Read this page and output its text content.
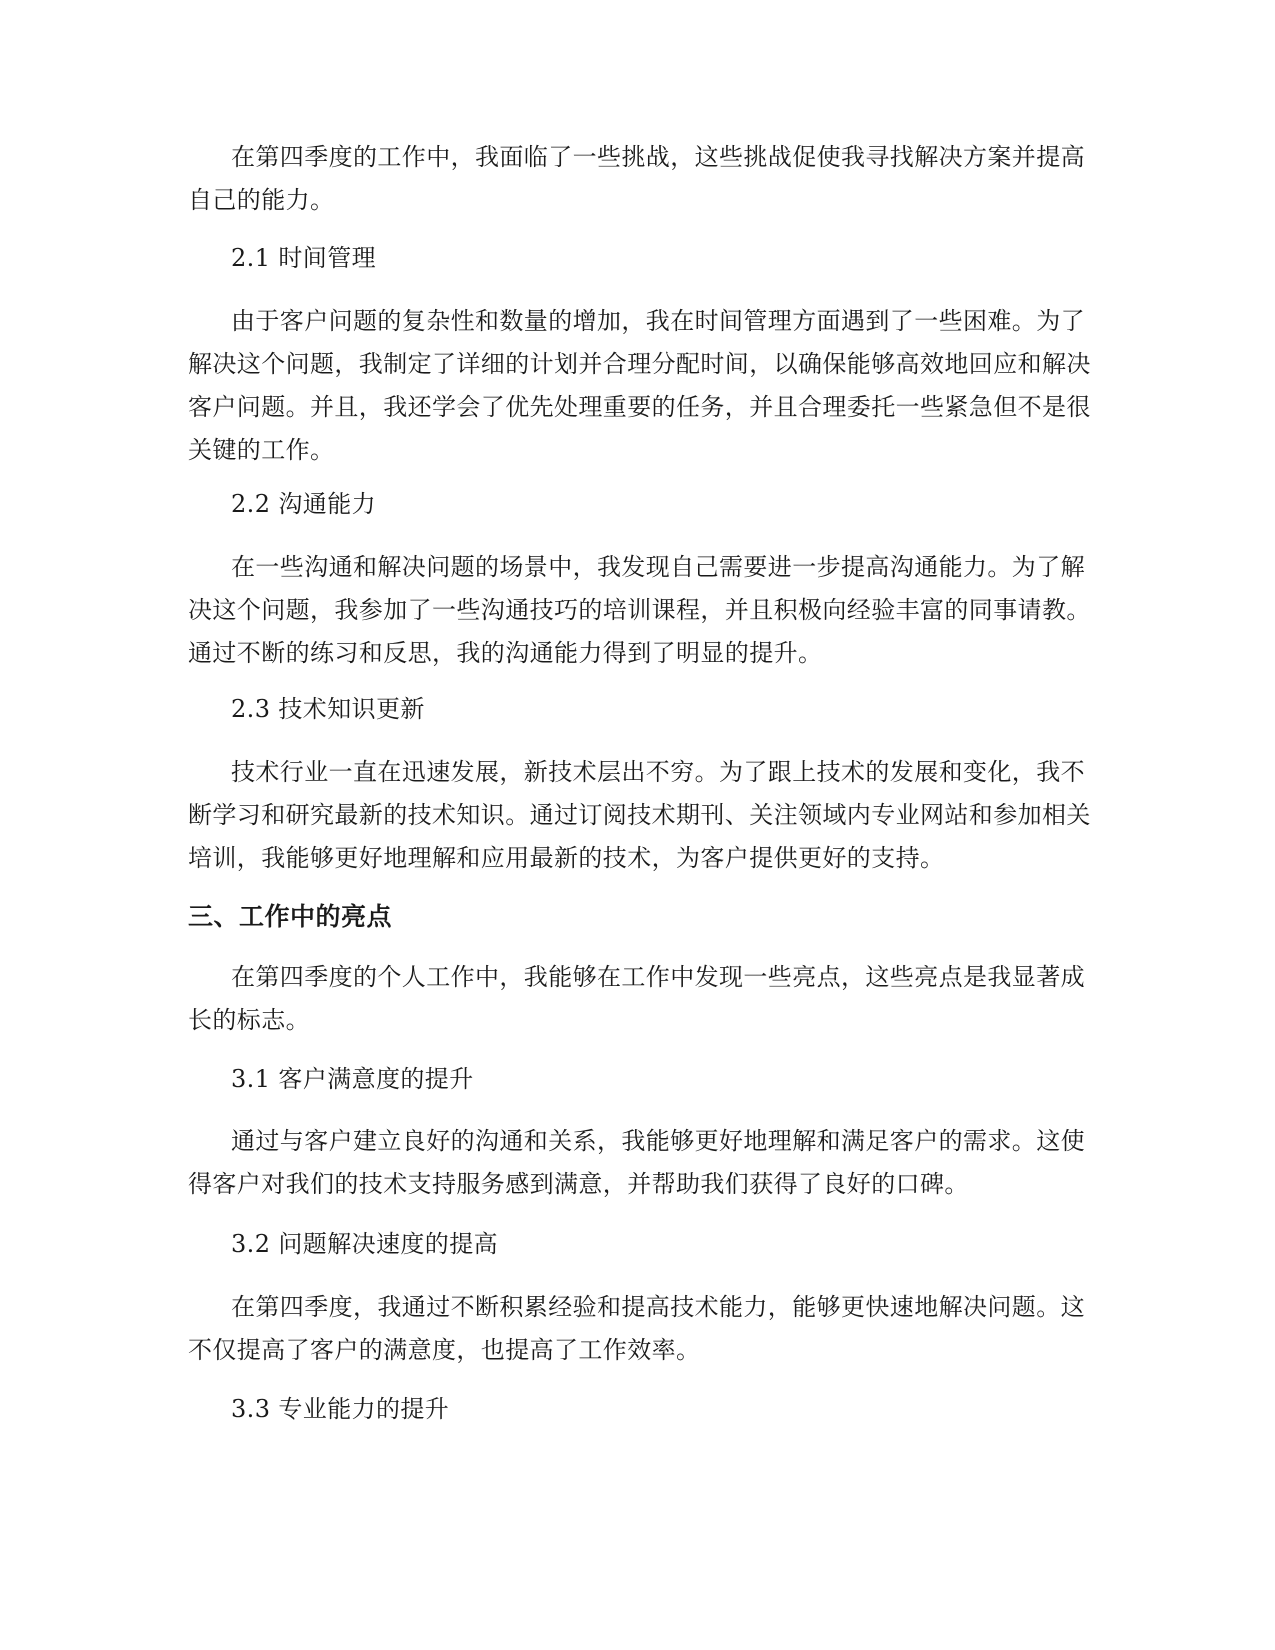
在第四季度的工作中，我面临了一些挑战，这些挑战促使我寻找解决方案并提高自己的能力。

2.1 时间管理

由于客户问题的复杂性和数量的增加，我在时间管理方面遇到了一些困难。为了解决这个问题，我制定了详细的计划并合理分配时间，以确保能够高效地回应和解决客户问题。并且，我还学会了优先处理重要的任务，并且合理委托一些紧急但不是很关键的工作。

2.2 沟通能力

在一些沟通和解决问题的场景中，我发现自己需要进一步提高沟通能力。为了解决这个问题，我参加了一些沟通技巧的培训课程，并且积极向经验丰富的同事请教。通过不断的练习和反思，我的沟通能力得到了明显的提升。

2.3 技术知识更新

技术行业一直在迅速发展，新技术层出不穷。为了跟上技术的发展和变化，我不断学习和研究最新的技术知识。通过订阅技术期刊、关注领域内专业网站和参加相关培训，我能够更好地理解和应用最新的技术，为客户提供更好的支持。

三、工作中的亮点

在第四季度的个人工作中，我能够在工作中发现一些亮点，这些亮点是我显著成长的标志。

3.1 客户满意度的提升

通过与客户建立良好的沟通和关系，我能够更好地理解和满足客户的需求。这使得客户对我们的技术支持服务感到满意，并帮助我们获得了良好的口碑。

3.2 问题解决速度的提高

在第四季度，我通过不断积累经验和提高技术能力，能够更快速地解决问题。这不仅提高了客户的满意度，也提高了工作效率。

3.3 专业能力的提升
